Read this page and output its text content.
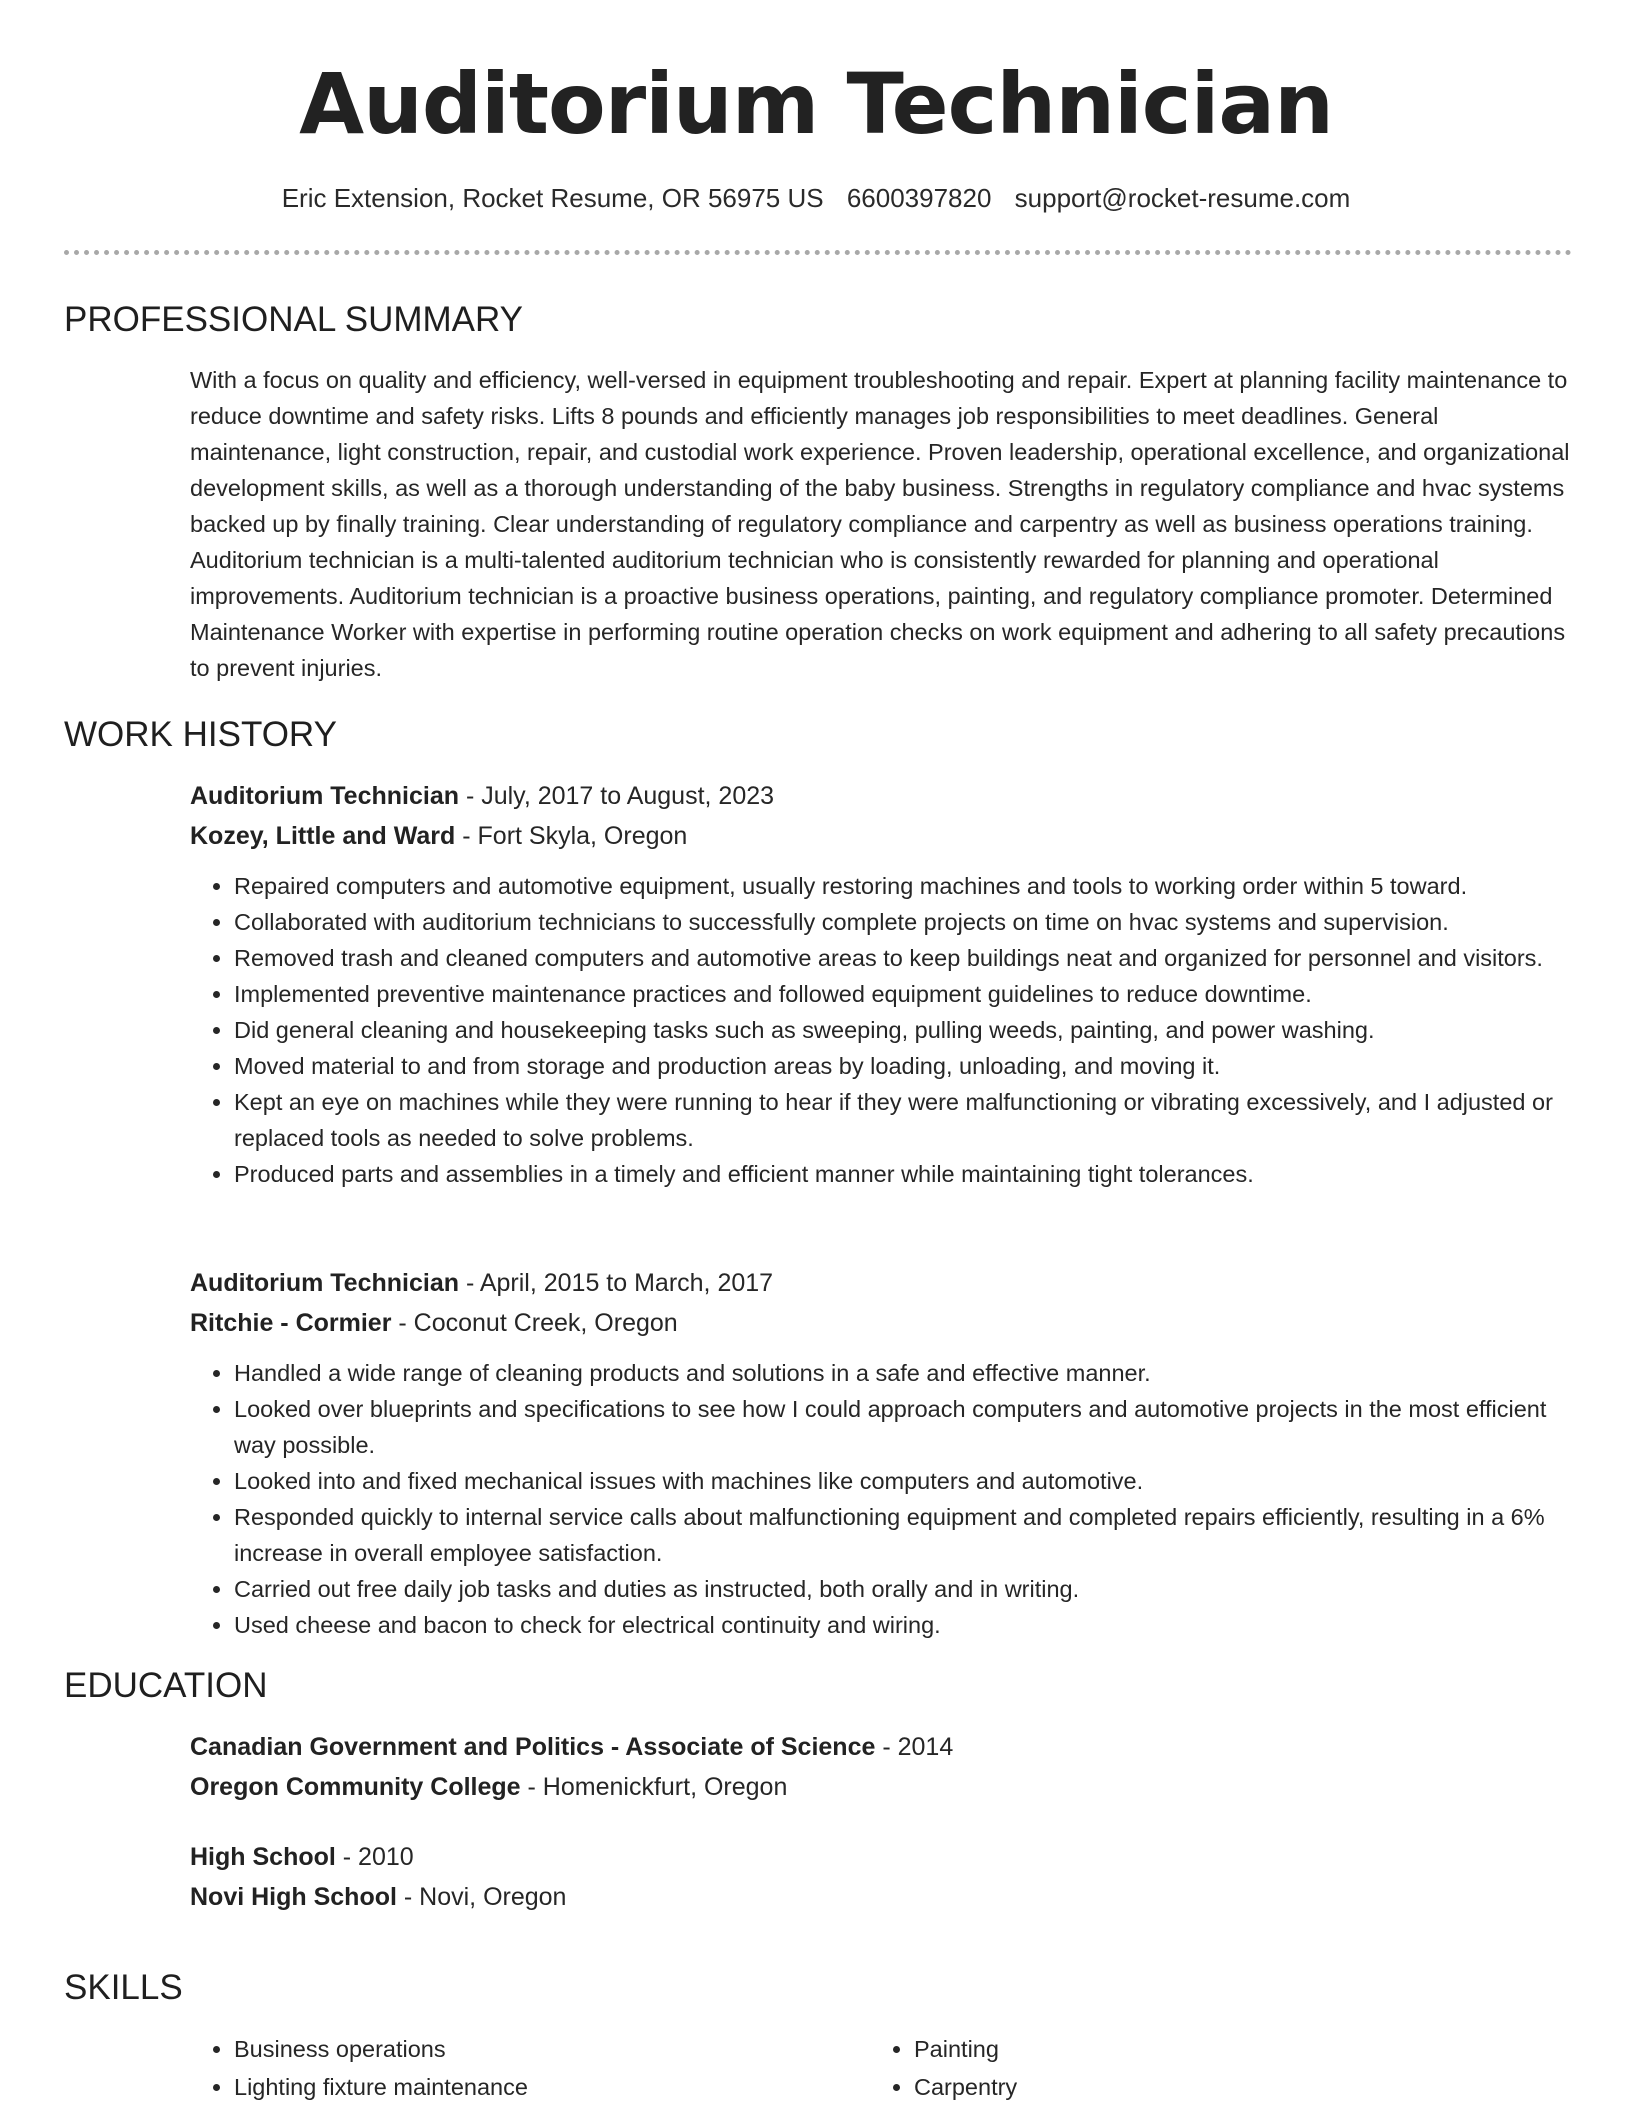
Auditorium Technician
Eric Extension, Rocket Resume, OR 56975 US 6600397820 support@rocket-resume.com
PROFESSIONAL SUMMARY

With a focus on quality and efficiency, well-versed in equipment troubleshooting and repair. Expert at planning facility maintenance to reduce downtime and safety risks. Lifts 8 pounds and efficiently manages job responsibilities to meet deadlines. General maintenance, light construction, repair, and custodial work experience. Proven leadership, operational excellence, and organizational development skills, as well as a thorough understanding of the baby business. Strengths in regulatory compliance and hvac systems backed up by finally training. Clear understanding of regulatory compliance and carpentry as well as business operations training. Auditorium technician is a multi-talented auditorium technician who is consistently rewarded for planning and operational improvements. Auditorium technician is a proactive business operations, painting, and regulatory compliance promoter. Determined Maintenance Worker with expertise in performing routine operation checks on work equipment and adhering to all safety precautions to prevent injuries.

WORK HISTORY
Auditorium Technician - July, 2017 to August, 2023
Kozey, Little and Ward - Fort Skyla, Oregon
• Repaired computers and automotive equipment, usually restoring machines and tools to working order within 5 toward.
• Collaborated with auditorium technicians to successfully complete projects on time on hvac systems and supervision.
• Removed trash and cleaned computers and automotive areas to keep buildings neat and organized for personnel and visitors.
• Implemented preventive maintenance practices and followed equipment guidelines to reduce downtime.
• Did general cleaning and housekeeping tasks such as sweeping, pulling weeds, painting, and power washing.
• Moved material to and from storage and production areas by loading, unloading, and moving it.
• Kept an eye on machines while they were running to hear if they were malfunctioning or vibrating excessively, and I adjusted or replaced tools as needed to solve problems.
• Produced parts and assemblies in a timely and efficient manner while maintaining tight tolerances.
Auditorium Technician - April, 2015 to March, 2017
Ritchie - Cormier - Coconut Creek, Oregon
• Handled a wide range of cleaning products and solutions in a safe and effective manner.
• Looked over blueprints and specifications to see how I could approach computers and automotive projects in the most efficient way possible.
• Looked into and fixed mechanical issues with machines like computers and automotive.
• Responded quickly to internal service calls about malfunctioning equipment and completed repairs efficiently, resulting in a 6% increase in overall employee satisfaction.
• Carried out free daily job tasks and duties as instructed, both orally and in writing.
• Used cheese and bacon to check for electrical continuity and wiring.
EDUCATION
Canadian Government and Politics - Associate of Science - 2014
Oregon Community College - Homenickfurt, Oregon
High School - 2010
Novi High School - Novi, Oregon
SKILLS
• Business operations
• Lighting fixture maintenance
• Painting
• Carpentry
